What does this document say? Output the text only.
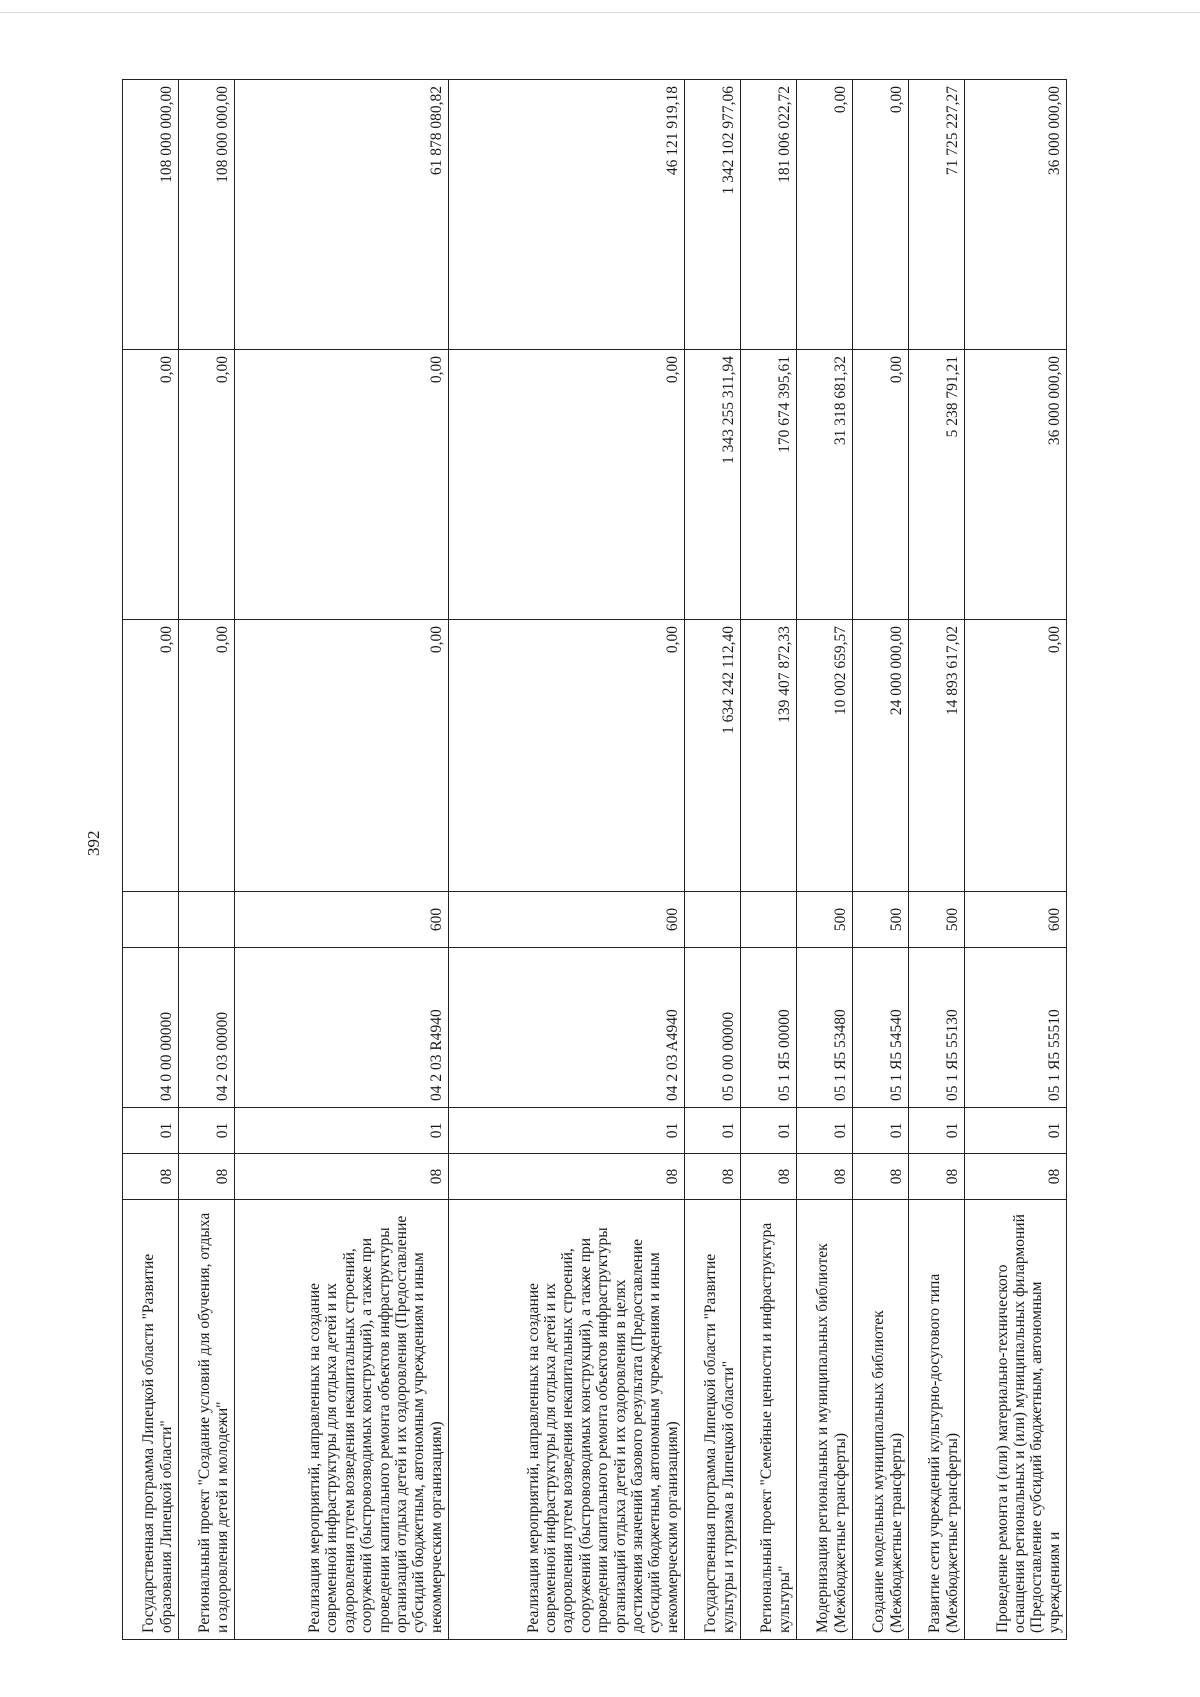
392
Государственная программа Липецкой области "Развитие образования Липецкой области"	08	01	04 0 00 00000		0,00	0,00	108 000 000,00
Региональный проект "Создание условий для обучения, отдыха и оздоровления детей и молодежи"	08	01	04 2 03 00000		0,00	0,00	108 000 000,00
Реализация мероприятий, направленных на создание современной инфраструктуры для отдыха детей и их оздоровления путем возведения некапитальных строений, сооружений (быстровозводимых конструкций), а также при проведении капитального ремонта объектов инфраструктуры организаций отдыха детей и их оздоровления (Предоставление субсидий бюджетным, автономным учреждениям и иным некоммерческим организациям)	08	01	04 2 03 R4940	600	0,00	0,00	61 878 080,82
Реализация мероприятий, направленных на создание современной инфраструктуры для отдыха детей и их оздоровления путем возведения некапитальных строений, сооружений (быстровозводимых конструкций), а также при проведении капитального ремонта объектов инфраструктуры организаций отдыха детей и их оздоровления в целях достижения значений базового результата (Предоставление субсидий бюджетным, автономным учреждениям и иным некоммерческим организациям)	08	01	04 2 03 A4940	600	0,00	0,00	46 121 919,18
Государственная программа Липецкой области "Развитие культуры и туризма в Липецкой области"	08	01	05 0 00 00000		1 634 242 112,40	1 343 255 311,94	1 342 102 977,06
Региональный проект "Семейные ценности и инфраструктура культуры"	08	01	05 1 Я5 00000		139 407 872,33	170 674 395,61	181 006 022,72
Модернизация региональных и муниципальных библиотек (Межбюджетные трансферты)	08	01	05 1 Я5 53480	500	10 002 659,57	31 318 681,32	0,00
Создание модельных муниципальных библиотек (Межбюджетные трансферты)	08	01	05 1 Я5 54540	500	24 000 000,00	0,00	0,00
Развитие сети учреждений культурно-досугового типа (Межбюджетные трансферты)	08	01	05 1 Я5 55130	500	14 893 617,02	5 238 791,21	71 725 227,27
Проведение ремонта и (или) материально-технического оснащения региональных и (или) муниципальных филармоний (Предоставление субсидий бюджетным, автономным учреждениям и	08	01	05 1 Я5 55510	600	0,00	36 000 000,00	36 000 000,00
